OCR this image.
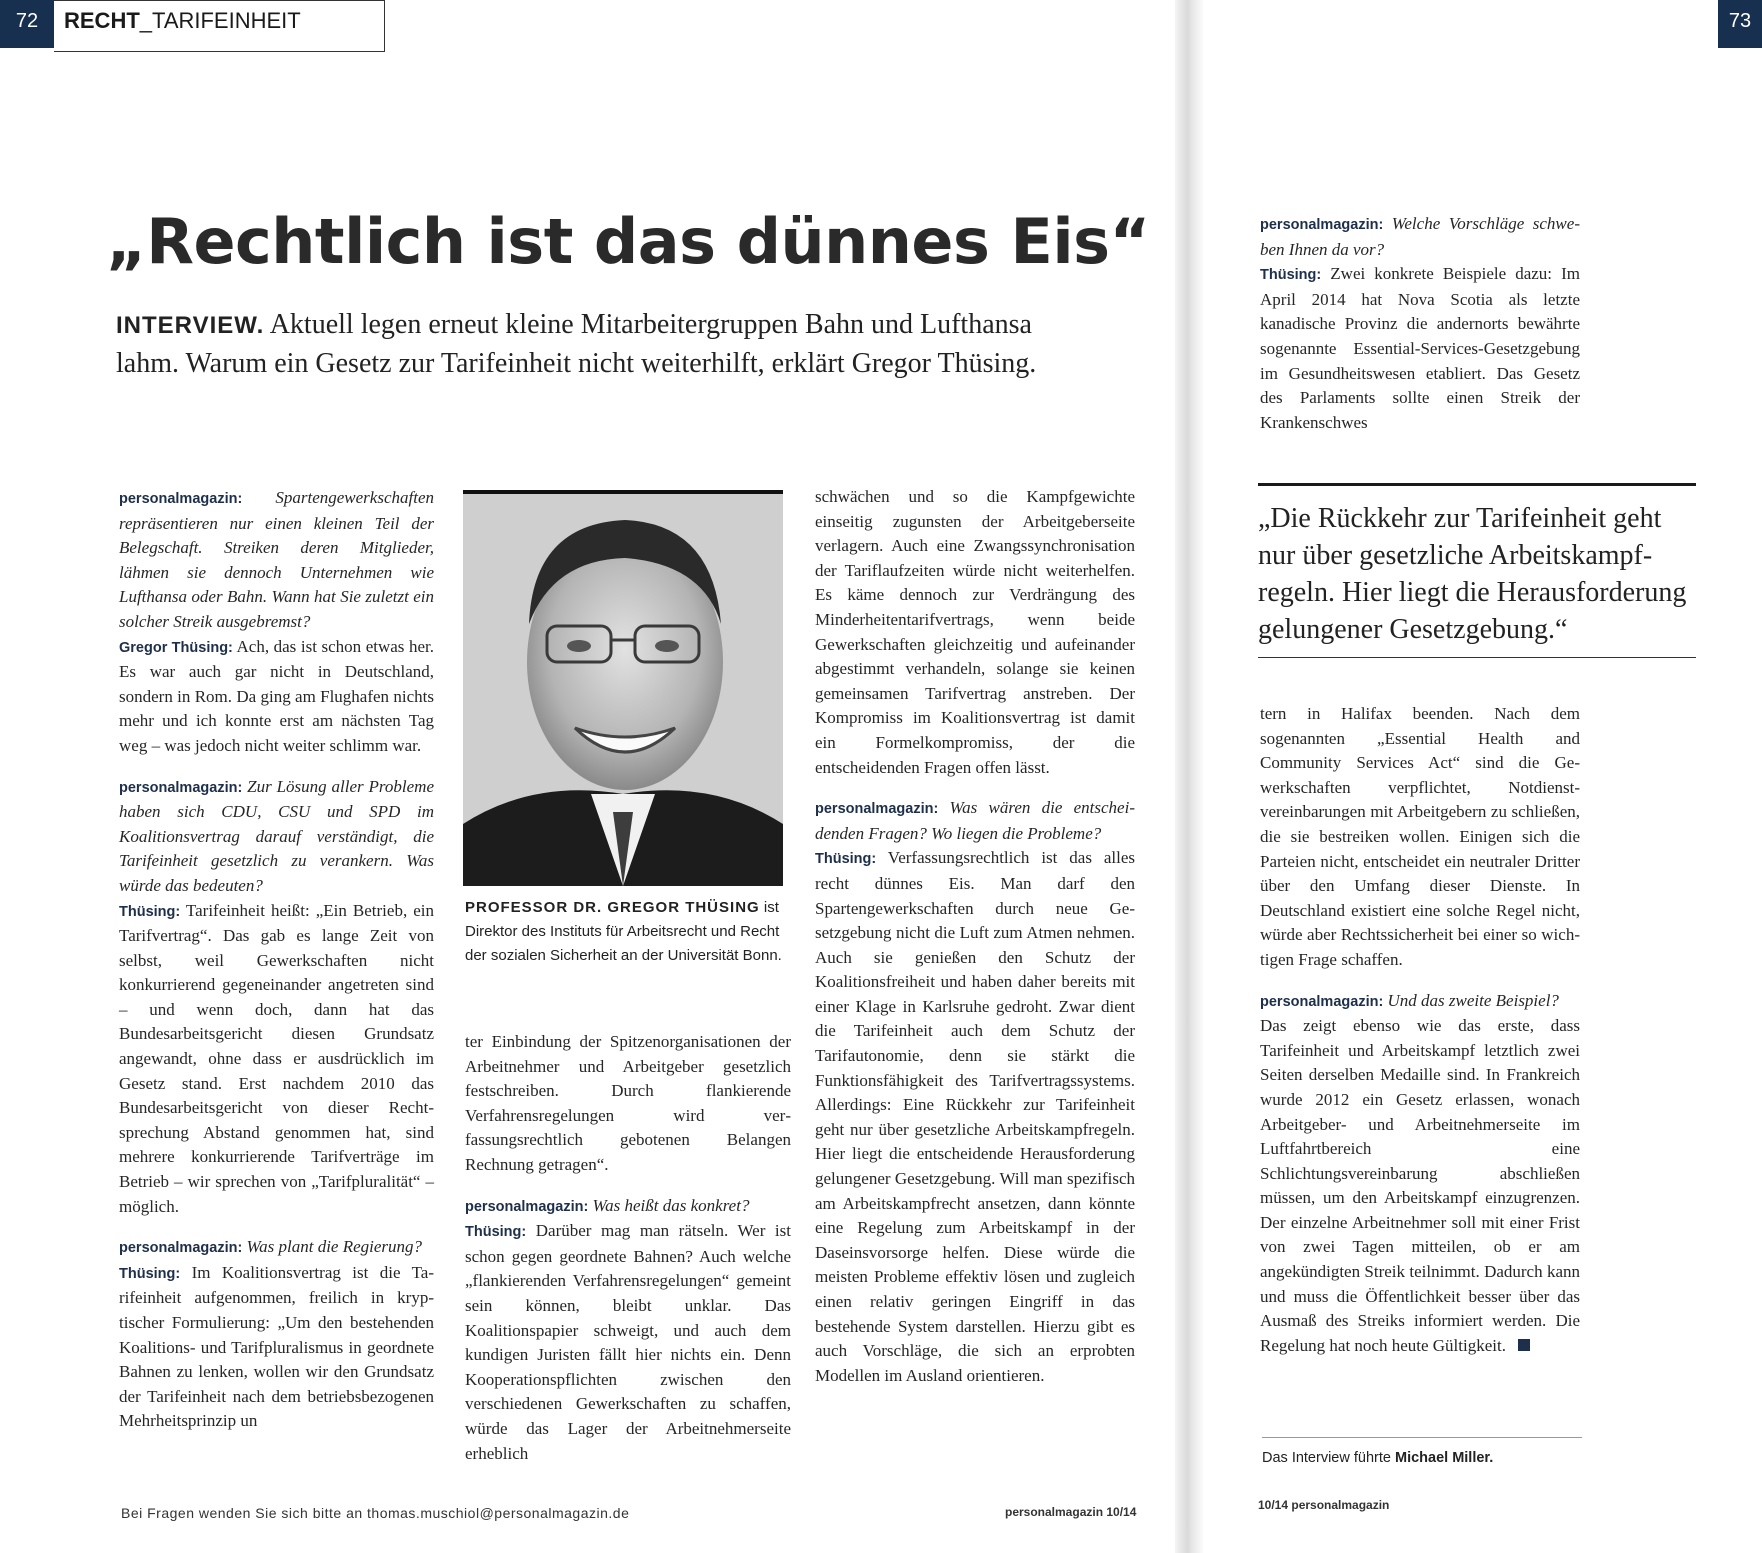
72	73
RECHT_TARIFEINHEIT
„Rechtlich ist das dünnes Eis“
INTERVIEW. Aktuell legen erneut kleine Mitarbeitergruppen Bahn und Lufthansa lahm. Warum ein Gesetz zur Tarifeinheit nicht weiterhilft, erklärt Gregor Thüsing.

personalmagazin: Spartengewerkschaften repräsentieren nur einen kleinen Teil der Belegschaft. Streiken deren Mitglieder, lähmen sie dennoch Unternehmen wie Lufthansa oder Bahn. Wann hat Sie zuletzt ein solcher Streik ausgebremst?

Gregor Thüsing: Ach, das ist schon etwas her. Es war auch gar nicht in Deutschland, sondern in Rom. Da ging am Flughafen nichts mehr und ich konnte erst am nächsten Tag weg – was jedoch nicht weiter schlimm war.

personalmagazin: Zur Lösung aller Probleme haben sich CDU, CSU und SPD im Koalitionsvertrag darauf verständigt, die Tarifeinheit gesetzlich zu verankern. Was würde das bedeuten?

Thüsing: Tarifeinheit heißt: „Ein Betrieb, ein Tarifvertrag“. Das gab es lange Zeit von selbst, weil Gewerkschaften nicht konkurrierend gegeneinander angetreten sind – und wenn doch, dann hat das Bundesarbeitsgericht diesen Grundsatz angewandt, ohne dass er ausdrücklich im Gesetz stand. Erst nachdem 2010 das Bundesarbeitsgericht von dieser Rechtsprechung Abstand genommen hat, sind mehrere konkurrierende Tarifverträge im Betrieb – wir sprechen von „Tarifpluralität“ – möglich.

personalmagazin: Was plant die Regierung?

Thüsing: Im Koalitionsvertrag ist die Tarifeinheit aufgenommen, freilich in kryptischer Formulierung: „Um den bestehenden Koalitions- und Tarifpluralismus in geordnete Bahnen zu lenken, wollen wir den Grundsatz der Tarifeinheit nach dem betriebsbezogenen Mehrheitsprinzip un

PROFESSOR DR. GREGOR THÜSING ist Direktor des Instituts für Arbeitsrecht und Recht der sozialen Sicherheit an der Universität Bonn.

ter Einbindung der Spitzenorganisationen der Arbeitnehmer und Arbeitgeber gesetzlich festschreiben. Durch flankierende Verfahrensregelungen wird verfassungsrechtlich gebotenen Belangen Rechnung getragen“.

personalmagazin: Was heißt das konkret?

Thüsing: Darüber mag man rätseln. Wer ist schon gegen geordnete Bahnen? Auch welche „flankierenden Verfahrensregelungen“ gemeint sein können, bleibt unklar. Das Koalitionspapier schweigt, und auch dem kundigen Juristen fällt hier nichts ein. Denn Kooperationspflichten zwischen den verschiedenen Gewerkschaften zu schaffen, würde das Lager der Arbeitnehmerseite erheblich

schwächen und so die Kampfgewichte einseitig zugunsten der Arbeitgeberseite verlagern. Auch eine Zwangssynchronisation der Tariflaufzeiten würde nicht weiterhelfen. Es käme dennoch zur Verdrängung des Minderheitentarifvertrags, wenn beide Gewerkschaften gleichzeitig und aufeinander abgestimmt verhandeln, solange sie keinen gemeinsamen Tarifvertrag anstreben. Der Kompromiss im Koalitionsvertrag ist damit ein Formelkompromiss, der die entscheidenden Fragen offen lässt.

personalmagazin: Was wären die entscheidenden Fragen? Wo liegen die Probleme?

Thüsing: Verfassungsrechtlich ist das alles recht dünnes Eis. Man darf den Spartengewerkschaften durch neue Gesetzgebung nicht die Luft zum Atmen nehmen. Auch sie genießen den Schutz der Koalitionsfreiheit und haben daher bereits mit einer Klage in Karlsruhe gedroht. Zwar dient die Tarifeinheit auch dem Schutz der Tarifautonomie, denn sie stärkt die Funktionsfähigkeit des Tarifvertragssystems. Allerdings: Eine Rückkehr zur Tarifeinheit geht nur über gesetzliche Arbeitskampfregeln. Hier liegt die entscheidende Herausforderung gelungener Gesetzgebung. Will man spezifisch am Arbeitskampfrecht ansetzen, dann könnte eine Regelung zum Arbeitskampf in der Daseinsvorsorge helfen. Diese würde die meisten Probleme effektiv lösen und zugleich einen relativ geringen Eingriff in das bestehende System darstellen. Hierzu gibt es auch Vorschläge, die sich an erprobten Modellen im Ausland orientieren.

personalmagazin: Welche Vorschläge schweben Ihnen da vor?

Thüsing: Zwei konkrete Beispiele dazu: Im April 2014 hat Nova Scotia als letzte kanadische Provinz die andernorts bewährte sogenannte Essential-Services-Gesetzgebung im Gesundheitswesen etabliert. Das Gesetz des Parlaments sollte einen Streik der Krankenschwes

„Die Rückkehr zur Tarifeinheit geht nur über gesetzliche Arbeitskampfregeln. Hier liegt die Herausforderung gelungener Gesetzgebung.“

tern in Halifax beenden. Nach dem sogenannten „Essential Health and Community Services Act“ sind die Gewerkschaften verpflichtet, Notdienstvereinbarungen mit Arbeitgebern zu schließen, die sie bestreiken wollen. Einigen sich die Parteien nicht, entscheidet ein neutraler Dritter über den Umfang dieser Dienste. In Deutschland existiert eine solche Regel nicht, würde aber Rechtssicherheit bei einer so wichtigen Frage schaffen.

personalmagazin: Und das zweite Beispiel?

Das zeigt ebenso wie das erste, dass Tarifeinheit und Arbeitskampf letztlich zwei Seiten derselben Medaille sind. In Frankreich wurde 2012 ein Gesetz erlassen, wonach Arbeitgeber- und Arbeitnehmerseite im Luftfahrtbereich eine Schlichtungsvereinbarung abschließen müssen, um den Arbeitskampf einzugrenzen. Der einzelne Arbeitnehmer soll mit einer Frist von zwei Tagen mitteilen, ob er am angekündigten Streik teilnimmt. Dadurch kann und muss die Öffentlichkeit besser über das Ausmaß des Streiks informiert werden. Die Regelung hat noch heute Gültigkeit.

Das Interview führte Michael Miller.
Bei Fragen wenden Sie sich bitte an thomas.muschiol@personalmagazin.de	personalmagazin 10/14	10/14 personalmagazin
